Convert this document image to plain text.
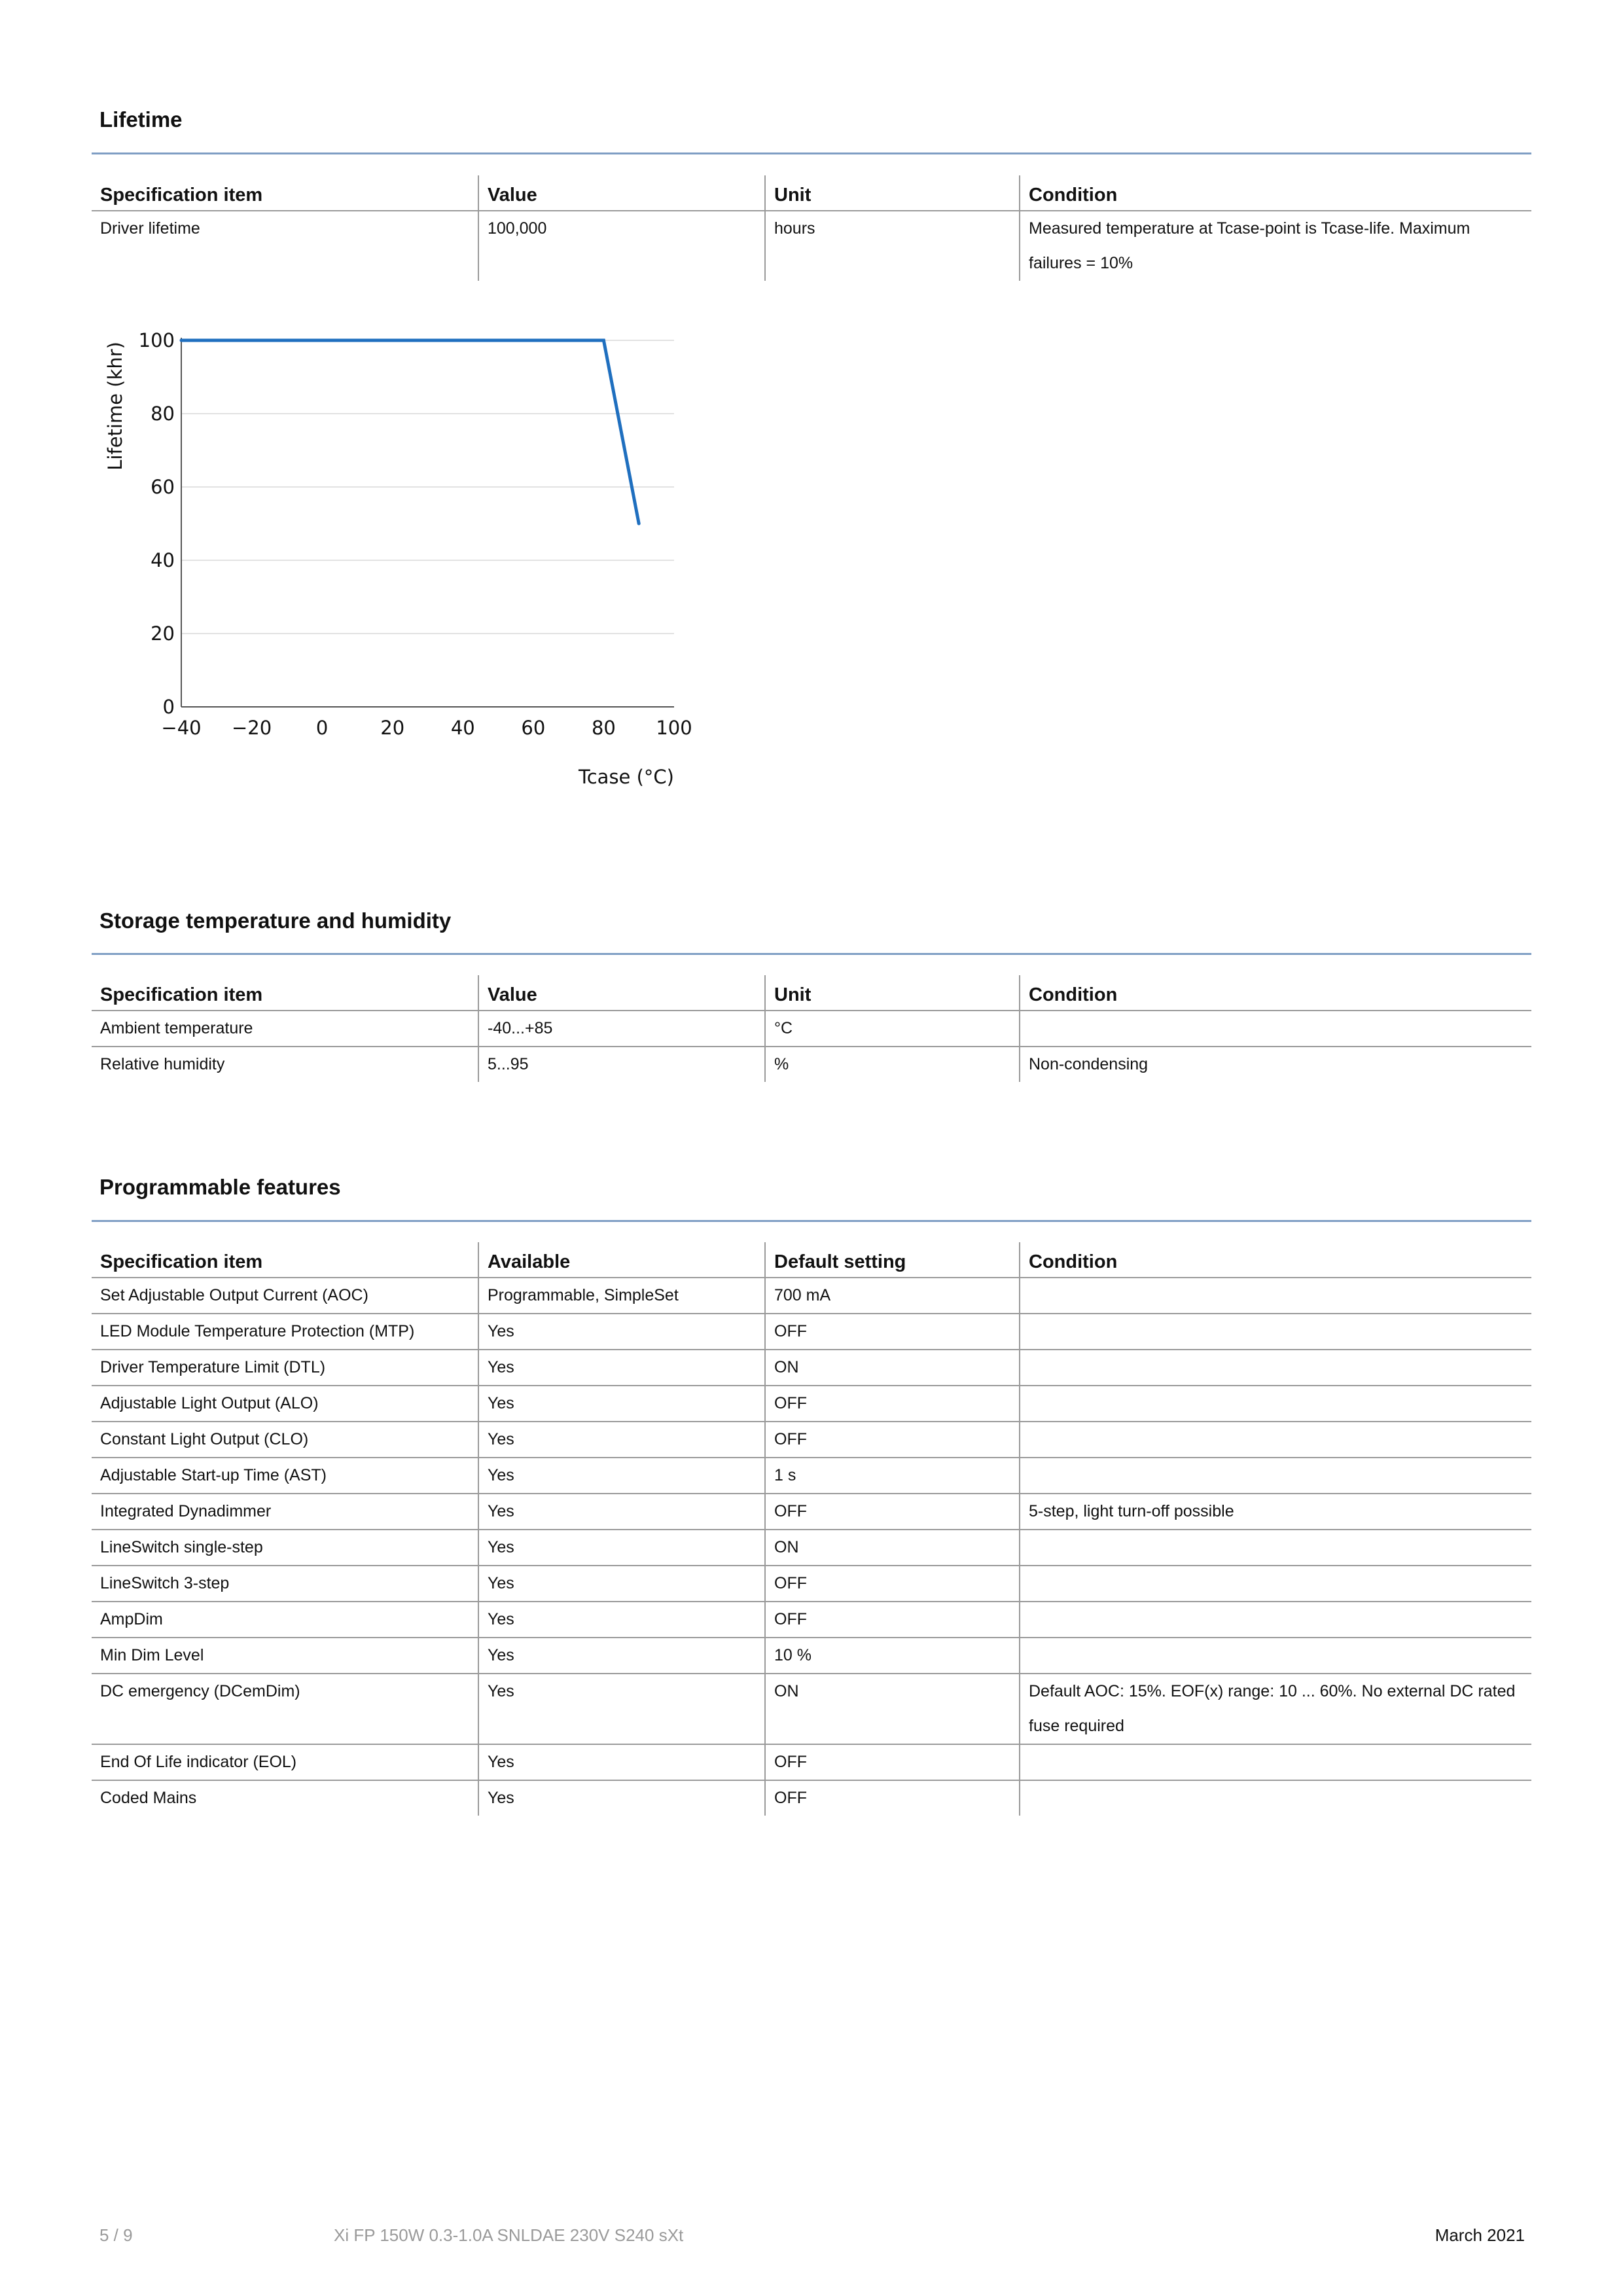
Lifetime
Specification item	Value	Unit	Condition
Driver lifetime	100,000	hours	Measured temperature at Tcase-point is Tcase-life. Maximum failures = 10%
0
20
40
60
80
100
−40 −20 0	20 40 60 80 100
Tcase (°C)
Lifetime (khr)
Storage temperature and humidity
Specification item	Value	Unit	Condition
Ambient temperature	-40...+85	°C	
Relative humidity	5...95	%	Non-condensing
Programmable features
Specification item	Available	Default setting	Condition
Set Adjustable Output Current (AOC)	Programmable, SimpleSet	700 mA	
LED Module Temperature Protection (MTP)	Yes	OFF	
Driver Temperature Limit (DTL)	Yes	ON	
Adjustable Light Output (ALO)	Yes	OFF	
Constant Light Output (CLO)	Yes	OFF	
Adjustable Start-up Time (AST)	Yes	1 s	
Integrated Dynadimmer	Yes	OFF	5-step, light turn-off possible
LineSwitch single-step	Yes	ON	
LineSwitch 3-step	Yes	OFF	
AmpDim	Yes	OFF	
Min Dim Level	Yes	10 %	
DC emergency (DCemDim)	Yes	ON	Default AOC: 15%. EOF(x) range: 10 ... 60%. No external DC rated fuse required
End Of Life indicator (EOL)	Yes	OFF	
Coded Mains	Yes	OFF	
5 / 9	Xi FP 150W 0.3-1.0A SNLDAE 230V S240 sXt	March 2021
